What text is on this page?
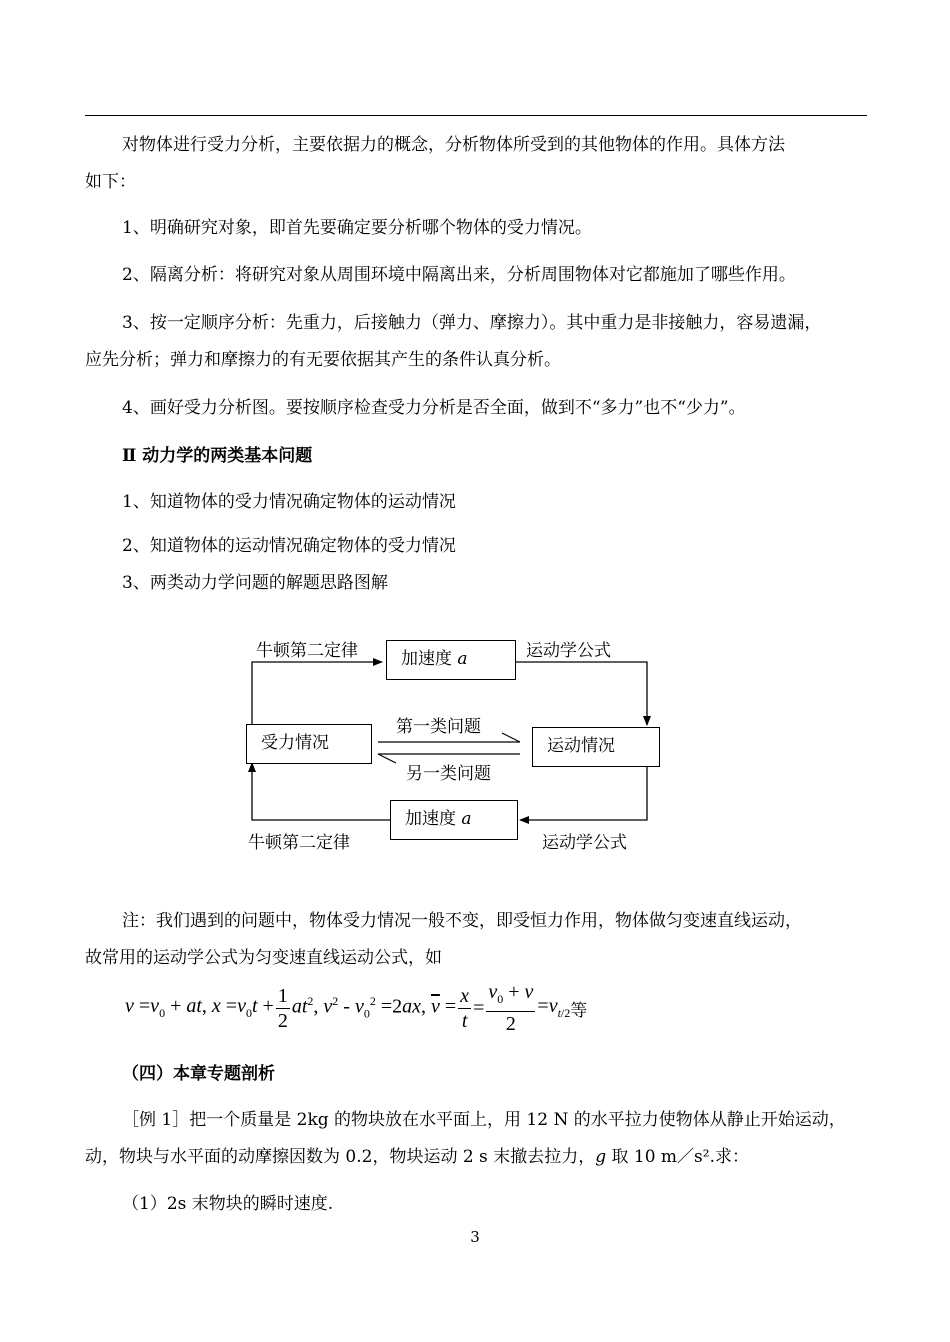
对物体进行受力分析，主要依据力的概念，分析物体所受到的其他物体的作用。具体方法
如下：
1、明确研究对象，即首先要确定要分析哪个物体的受力情况。
2、隔离分析：将研究对象从周围环境中隔离出来，分析周围物体对它都施加了哪些作用。
3、按一定顺序分析：先重力，后接触力（弹力、摩擦力）。其中重力是非接触力，容易遗漏，
应先分析；弹力和摩擦力的有无要依据其产生的条件认真分析。
4、画好受力分析图。要按顺序检查受力分析是否全面，做到不“多力”也不“少力”。
Ⅱ 动力学的两类基本问题
1、知道物体的受力情况确定物体的运动情况
2、知道物体的运动情况确定物体的受力情况
3、两类动力学问题的解题思路图解
加速度 a
受力情况	运动情况
加速度 a
牛顿第二定律	运动学公式
第一类问题
另一类问题
牛顿第二定律	运动学公式
注：我们遇到的问题中，物体受力情况一般不变，即受恒力作用，物体做匀变速直线运动，
故常用的运动学公式为匀变速直线运动公式，如
$v =v_0$ + at, $x =v_0t + \frac{1}{2} at^2$, $v^2 - v_0^2 =2ax$, $\overline{v} = \frac{x}{t} = \frac{v_0 + v}{2} =v_{t/2}$等
（四）本章专题剖析
［例 1］把一个质量是 2kg 的物块放在水平面上，用 12 N 的水平拉力使物体从静止开始运动，
动，物块与水平面的动摩擦因数为 0.2，物块运动 2 s 末撤去拉力，g 取 10 m／s².求：
（1）2s 末物块的瞬时速度.
3
